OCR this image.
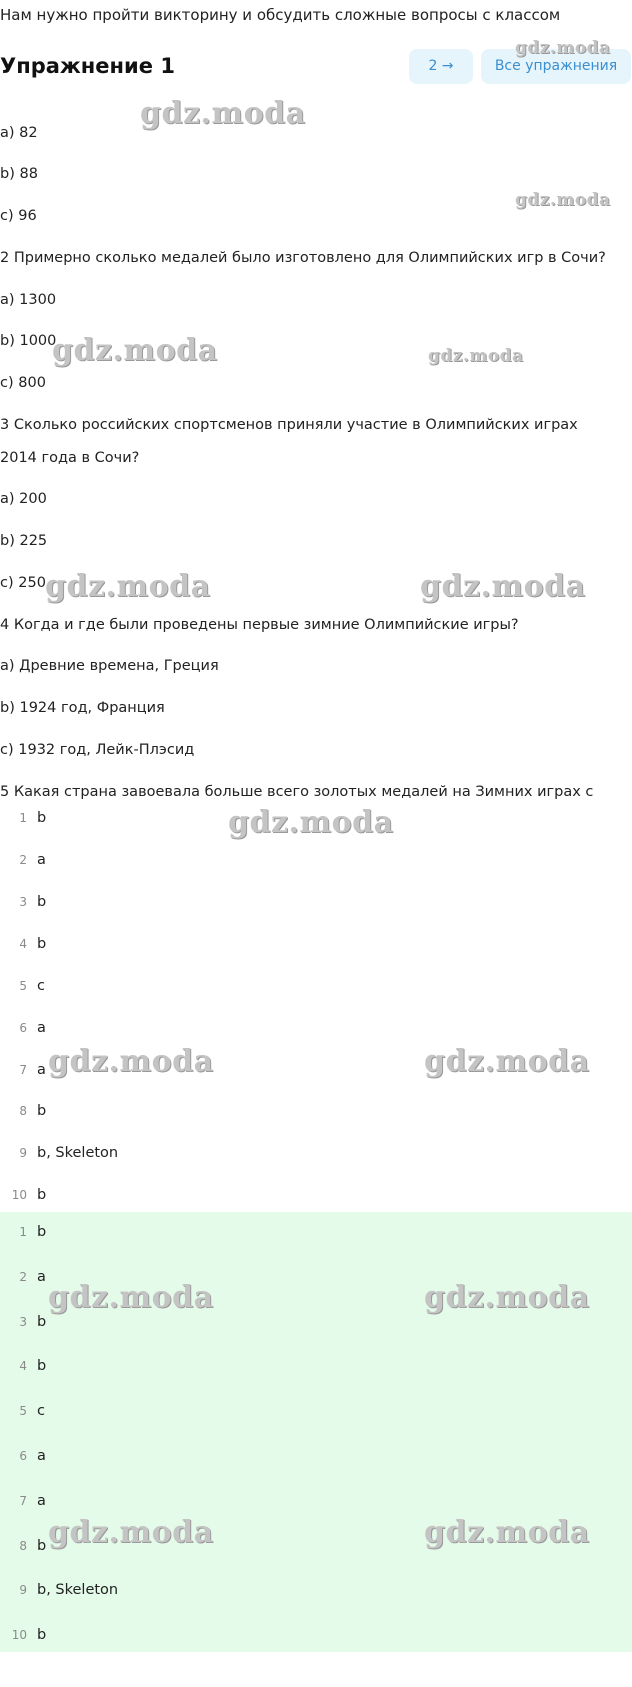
Нам нужно пройти викторину и обсудить сложные вопросы с классом
Упражнение 1	2 →	Все упражнения
a) 82
b) 88
c) 96
2 Примерно сколько медалей было изготовлено для Олимпийских игр в Сочи?
a) 1300
b) 1000
c) 800
3 Сколько российских спортсменов приняли участие в Олимпийских играх
2014 года в Сочи?
a) 200
b) 225
c) 250
4 Когда и где были проведены первые зимние Олимпийские игры?
a) Древние времена, Греция
b) 1924 год, Франция
c) 1932 год, Лейк-Плэсид
5 Какая страна завоевала больше всего золотых медалей на Зимних играх с
1 b
2 a
3 b
4 b
5 c
6 a
7 a
8 b
9 b, Skeleton
10 b
1 b
2 a
3 b
4 b
5 c
6 a
7 a
8 b
9 b, Skeleton
10 b
gdz.moda
gdz.moda
gdz.moda
gdz.moda	gdz.moda
gdz.moda	gdz.moda
gdz.moda
gdz.moda	gdz.moda
gdz.moda	gdz.moda
gdz.moda	gdz.moda
